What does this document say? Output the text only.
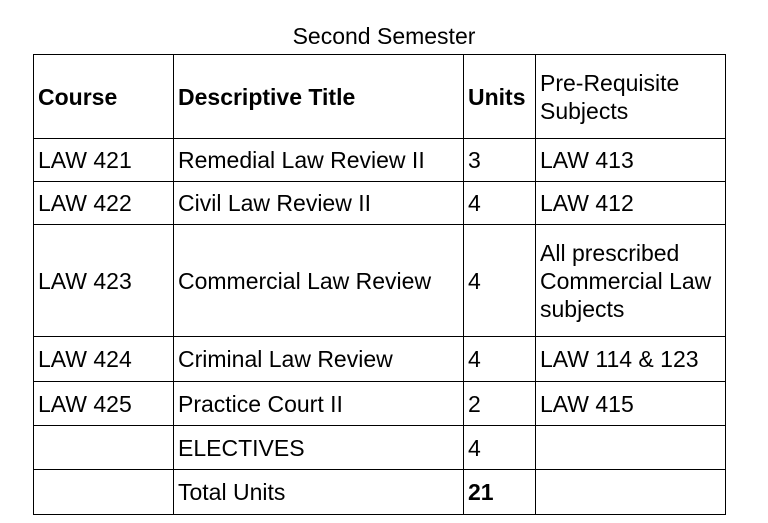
Second Semester
Course	Descriptive Title	Units	Pre-Requisite Subjects
LAW 421	Remedial Law Review II	3	LAW 413
LAW 422	Civil Law Review II	4	LAW 412
LAW 423	Commercial Law Review	4	All prescribed Commercial Law subjects
LAW 424	Criminal Law Review	4	LAW 114 & 123
LAW 425	Practice Court II	2	LAW 415
	ELECTIVES	4	
	Total Units	21	
